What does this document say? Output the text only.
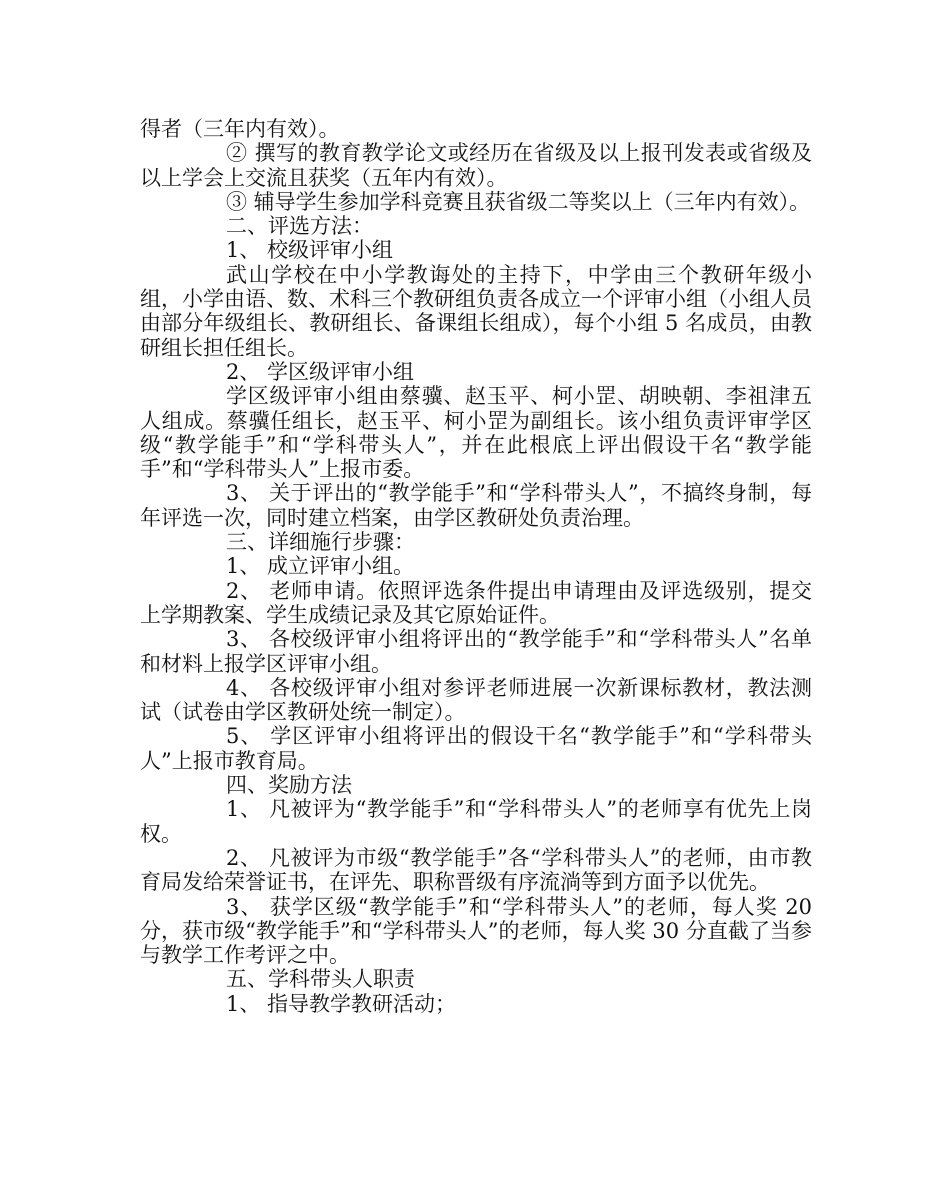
得者（三年内有效）。

② 撰写的教育教学论文或经历在省级及以上报刊发表或省级及以上学会上交流且获奖（五年内有效）。

③ 辅导学生参加学科竞赛且获省级二等奖以上（三年内有效）。

二、评选方法：

1、 校级评审小组

武山学校在中小学教诲处的主持下，中学由三个教研年级小组，小学由语、数、术科三个教研组负责各成立一个评审小组（小组人员由部分年级组长、教研组长、备课组长组成），每个小组 5 名成员，由教研组长担任组长。

2、 学区级评审小组

学区级评审小组由蔡骥、赵玉平、柯小罡、胡映朝、李祖津五人组成。蔡骥任组长，赵玉平、柯小罡为副组长。该小组负责评审学区级“教学能手”和“学科带头人”，并在此根底上评出假设干名“教学能手”和“学科带头人”上报市委。

3、 关于评出的“教学能手”和“学科带头人”，不搞终身制，每年评选一次，同时建立档案，由学区教研处负责治理。

三、详细施行步骤：

1、 成立评审小组。

2、 老师申请。依照评选条件提出申请理由及评选级别，提交上学期教案、学生成绩记录及其它原始证件。

3、 各校级评审小组将评出的“教学能手”和“学科带头人”名单和材料上报学区评审小组。

4、 各校级评审小组对参评老师进展一次新课标教材，教法测试（试卷由学区教研处统一制定）。

5、 学区评审小组将评出的假设干名“教学能手”和“学科带头人”上报市教育局。

四、奖励方法

1、 凡被评为“教学能手”和“学科带头人”的老师享有优先上岗权。

2、 凡被评为市级“教学能手”各“学科带头人”的老师，由市教育局发给荣誉证书，在评先、职称晋级有序流淌等到方面予以优先。

3、 获学区级“教学能手”和“学科带头人”的老师，每人奖 20 分，获市级“教学能手”和“学科带头人”的老师，每人奖 30 分直截了当参与教学工作考评之中。

五、学科带头人职责

1、 指导教学教研活动；
